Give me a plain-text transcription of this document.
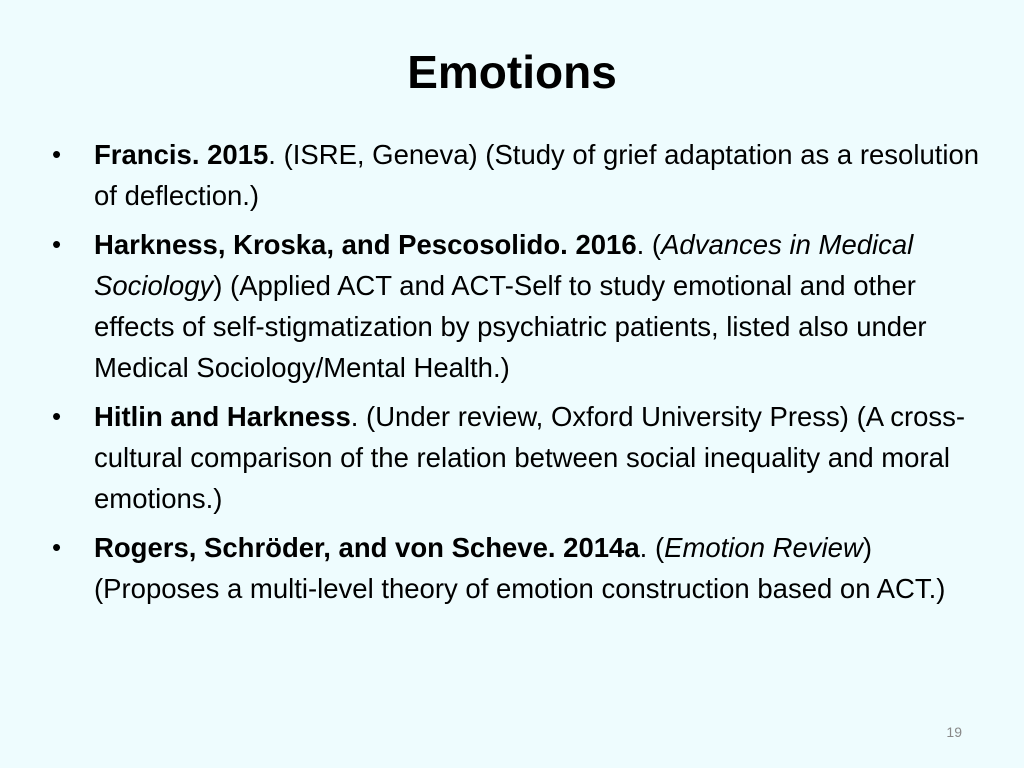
Emotions
•	Francis. 2015. (ISRE, Geneva) (Study of grief adaptation as a resolution of deflection.)
•	Harkness, Kroska, and Pescosolido. 2016. (Advances in Medical Sociology) (Applied ACT and ACT-Self to study emotional and other effects of self-stigmatization by psychiatric patients, listed also under Medical Sociology/Mental Health.)
•	Hitlin and Harkness. (Under review, Oxford University Press) (A cross-cultural comparison of the relation between social inequality and moral emotions.)
•	Rogers, Schröder, and von Scheve. 2014a. (Emotion Review) (Proposes a multi-level theory of emotion construction based on ACT.)
19
